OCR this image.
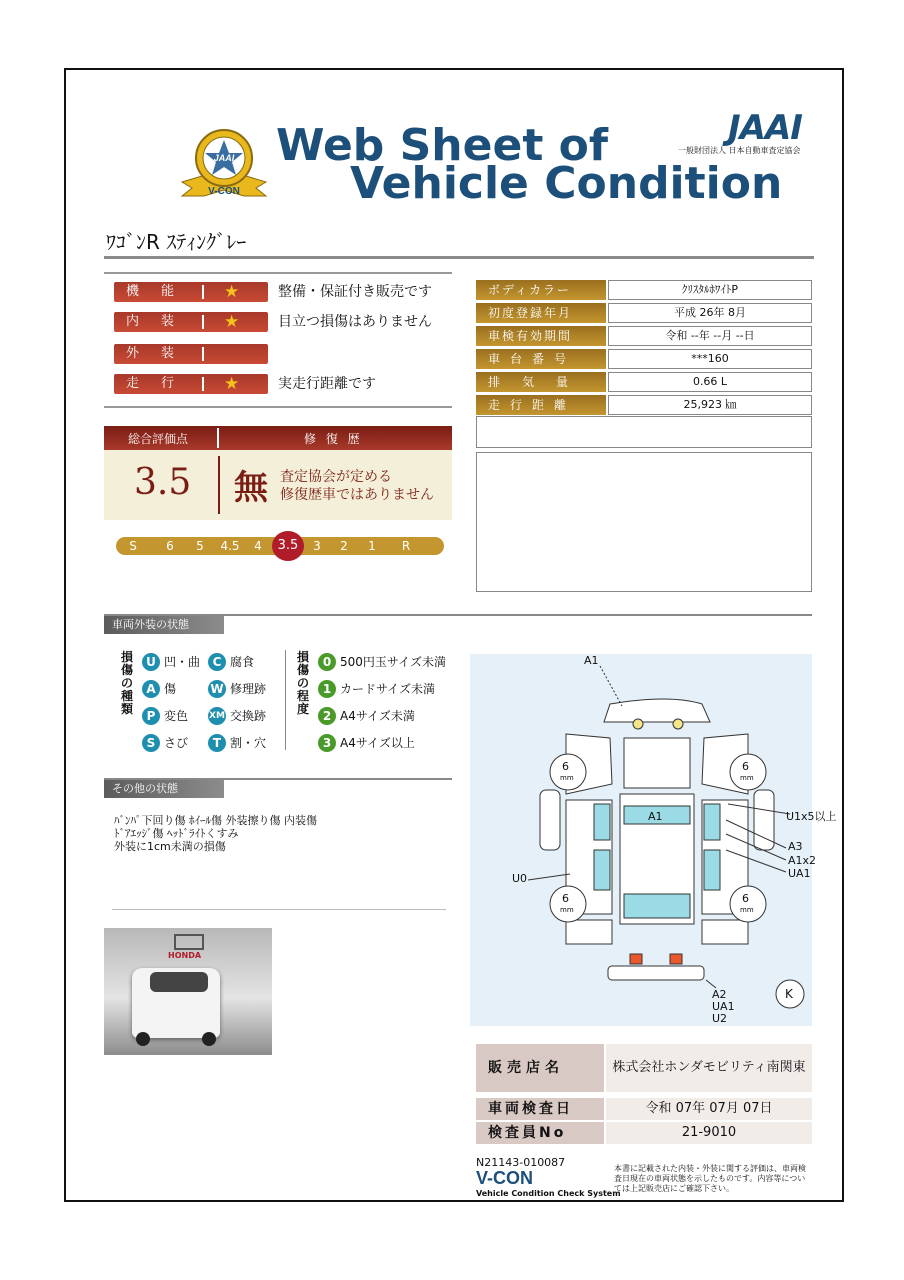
JAAI
V-CON
Web Sheet of
Vehicle Condition
JAAI
一般財団法人 日本自動車査定協会
ﾜｺﾞﾝR ｽﾃｨﾝｸﾞﾚｰ
機能 ★	整備・保証付き販売です
内装 ★	目立つ損傷はありません
外装
走行 ★	実走行距離です
ボディカラー	ｸﾘｽﾀﾙﾎﾜｲﾄP
初度登録年月	平成 26年 8月
車検有効期間	令和 --年 --月 --日
車台番号	***160
排気量	0.66 L
走行距離	25,923 ㎞
総合評価点	修 復 歴
3.5 無 査定協会が定める
修復歴車ではありません
S	6	5	4.5	4	3.5	3	2	1	R
車両外装の状態
損傷の種類
U 凹・曲	C 腐食
A 傷	W 修理跡
P 変色 XM 交換跡
S さび	T 割・穴
損傷の程度
0 500円玉サイズ未満
1 カードサイズ未満
2 A4サイズ未満
3 A4サイズ以上
その他の状態
ﾊﾞﾝﾊﾟ下回り傷 ﾎｲｰﾙ傷 外装擦り傷 内装傷
ﾄﾞｱｴｯｼﾞ傷 ﾍｯﾄﾞﾗｲﾄくすみ
外装に1cm未満の損傷
HONDA
A1
A1	U1x5以上
A3
A1x2
UA1
U0
A2
UA1
U2
K
6	6
6	6
mm	mm
mm	mm
販売店名	株式会社ホンダモビリティ南関東
車両検査日	令和 07年 07月 07日
検査員No	21-9010
N21143-010087
V-CON
Vehicle Condition Check System
本書に記載された内装・外装に関する評価は、車両検査日現在の車両状態を示したものです。内容等については上記販売店にご確認下さい。
